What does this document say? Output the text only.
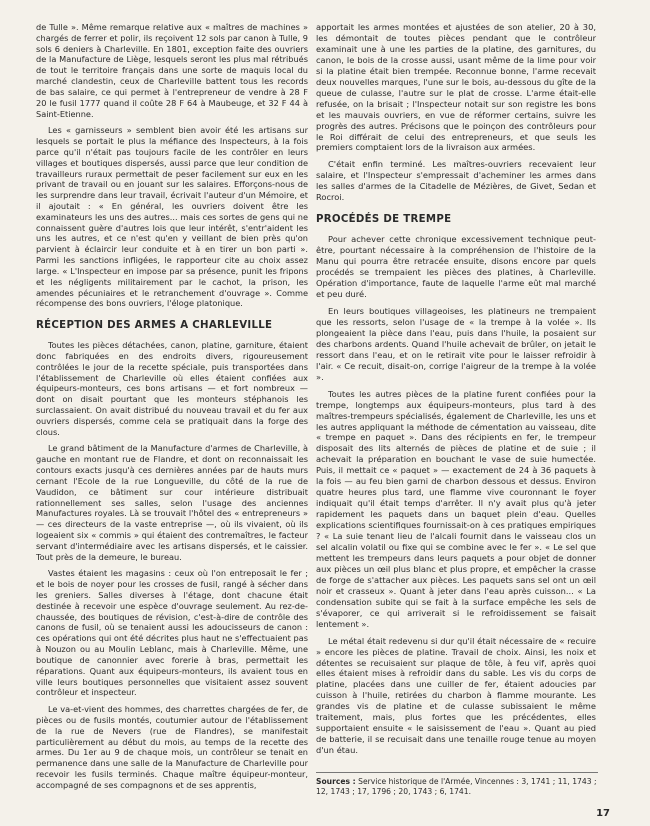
de Tulle ». Même remarque relative aux « maîtres de machines » chargés de ferrer et polir, ils reçoivent 12 sols par canon à Tulle, 9 sols 6 deniers à Charleville. En 1801, exception faite des ouvriers de la Manufacture de Liège, lesquels seront les plus mal rétribués de tout le territoire français dans une sorte de maquis local du marché clandestin, ceux de Charleville battent tous les records de bas salaire, ce qui permet à l'entrepreneur de vendre à 28 F 20 le fusil 1777 quand il coûte 28 F 64 à Maubeuge, et 32 F 44 à Saint-Etienne.

Les « garnisseurs » semblent bien avoir été les artisans sur lesquels se portait le plus la méfiance des Inspecteurs, à la fois parce qu'il n'était pas toujours facile de les contrôler en leurs villages et boutiques dispersés, aussi parce que leur condition de travailleurs ruraux permettait de peser facilement sur eux en les privant de travail ou en jouant sur les salaires. Efforçons-nous de les surprendre dans leur travail, écrivait l'auteur d'un Mémoire, et il ajoutait : « En général, les ouvriers doivent être les examinateurs les uns des autres... mais ces sortes de gens qui ne connaissent guère d'autres lois que leur intérêt, s'entr'aident les uns les autres, et ce n'est qu'en y veillant de bien près qu'on parvient à éclaircir leur conduite et à en tirer un bon parti ». Parmi les sanctions infligées, le rapporteur cite au choix assez large. « L'Inspecteur en impose par sa présence, punit les fripons et les négligents militairement par le cachot, la prison, les amendes pécuniaires et le retranchement d'ouvrage ». Comme récompense des bons ouvriers, l'éloge platonique.

RÉCEPTION DES ARMES A CHARLEVILLE

Toutes les pièces détachées, canon, platine, garniture, étaient donc fabriquées en des endroits divers, rigoureusement contrôlées le jour de la recette spéciale, puis transportées dans l'établissement de Charleville où elles étaient confiées aux équipeurs-monteurs, ces bons artisans — et fort nombreux — dont on disait pourtant que les monteurs stéphanois les surclassaient. On avait distribué du nouveau travail et du fer aux ouvriers dispersés, comme cela se pratiquait dans la forge des clous.

Le grand bâtiment de la Manufacture d'armes de Charleville, à gauche en montant rue de Flandre, et dont on reconnaissait les contours exacts jusqu'à ces dernières années par de hauts murs cernant l'Ecole de la rue Longueville, du côté de la rue de Vaudidon, ce bâtiment sur cour intérieure distribuait rationnellement ses salles, selon l'usage des anciennes Manufactures royales. Là se trouvait l'hôtel des « entrepreneurs » — ces directeurs de la vaste entreprise —, où ils vivaient, où ils logeaient six « commis » qui étaient des contremaîtres, le facteur servant d'intermédiaire avec les artisans dispersés, et le caissier. Tout près de la demeure, le bureau.

Vastes étaient les magasins : ceux où l'on entreposait le fer ; et le bois de noyer pour les crosses de fusil, rangé à sécher dans les greniers. Salles diverses à l'étage, dont chacune était destinée à recevoir une espèce d'ouvrage seulement. Au rez-de-chaussée, des boutiques de révision, c'est-à-dire de contrôle des canons de fusil, où se tenaient aussi les adoucisseurs de canon : ces opérations qui ont été décrites plus haut ne s'effectuaient pas à Nouzon ou au Moulin Leblanc, mais à Charleville. Même, une boutique de canonnier avec forerie à bras, permettait les réparations. Quant aux équipeurs-monteurs, ils avaient tous en ville leurs boutiques personnelles que visitaient assez souvent contrôleur et inspecteur.

Le va-et-vient des hommes, des charrettes chargées de fer, de pièces ou de fusils montés, coutumier autour de l'établissement de la rue de Nevers (rue de Flandres), se manifestait particulièrement au début du mois, au temps de la recette des armes. Du 1er au 9 de chaque mois, un contrôleur se tenait en permanence dans une salle de la Manufacture de Charleville pour recevoir les fusils terminés. Chaque maître équipeur-monteur, accompagné de ses compagnons et de ses apprentis,

apportait les armes montées et ajustées de son atelier, 20 à 30, les démontait de toutes pièces pendant que le contrôleur examinait une à une les parties de la platine, des garnitures, du canon, le bois de la crosse aussi, usant même de la lime pour voir si la platine était bien trempée. Reconnue bonne, l'arme recevait deux nouvelles marques, l'une sur le bois, au-dessous du gîte de la queue de culasse, l'autre sur le plat de crosse. L'arme était-elle refusée, on la brisait ; l'Inspecteur notait sur son registre les bons et les mauvais ouvriers, en vue de réformer certains, suivre les progrès des autres. Précisons que le poinçon des contrôleurs pour le Roi différait de celui des entrepreneurs, et que seuls les premiers comptaient lors de la livraison aux armées.

C'était enfin terminé. Les maîtres-ouvriers recevaient leur salaire, et l'Inspecteur s'empressait d'acheminer les armes dans les salles d'armes de la Citadelle de Mézières, de Givet, Sedan et Rocroi.

PROCÉDÉS DE TREMPE

Pour achever cette chronique excessivement technique peut-être, pourtant nécessaire à la compréhension de l'histoire de la Manu qui pourra être retracée ensuite, disons encore par quels procédés se trempaient les pièces des platines, à Charleville. Opération d'importance, faute de laquelle l'arme eût mal marché et peu duré.

En leurs boutiques villageoises, les platineurs ne trempaient que les ressorts, selon l'usage de « la trempe à la volée ». Ils plongeaient la pièce dans l'eau, puis dans l'huile, la posaient sur des charbons ardents. Quand l'huile achevait de brûler, on jetait le ressort dans l'eau, et on le retirait vite pour le laisser refroidir à l'air. « Ce recuit, disait-on, corrige l'aigreur de la trempe à la volée ».

Toutes les autres pièces de la platine furent confiées pour la trempe, longtemps aux équipeurs-monteurs, plus tard à des maîtres-trempeurs spécialisés, également de Charleville, les uns et les autres appliquant la méthode de cémentation au vaisseau, dite « trempe en paquet ». Dans des récipients en fer, le trempeur disposait des lits alternés de pièces de platine et de suie ; il achevait la préparation en bouchant le vase de suie humectée. Puis, il mettait ce « paquet » — exactement de 24 à 36 paquets à la fois — au feu bien garni de charbon dessous et dessus. Environ quatre heures plus tard, une flamme vive couronnant le foyer indiquait qu'il était temps d'arrêter. Il n'y avait plus qu'à jeter rapidement les paquets dans un baquet plein d'eau. Quelles explications scientifiques fournissait-on à ces pratiques empiriques ? « La suie tenant lieu de l'alcali fournit dans le vaisseau clos un sel alcalin volatil ou fixe qui se combine avec le fer ». « Le sel que mettent les trempeurs dans leurs paquets a pour objet de donner aux pièces un œil plus blanc et plus propre, et empêcher la crasse de forge de s'attacher aux pièces. Les paquets sans sel ont un œil noir et crasseux ». Quant à jeter dans l'eau après cuisson... « La condensation subite qui se fait à la surface empêche les sels de s'évaporer, ce qui arriverait si le refroidissement se faisait lentement ».

Le métal était redevenu si dur qu'il était nécessaire de « recuire » encore les pièces de platine. Travail de choix. Ainsi, les noix et détentes se recuisaient sur plaque de tôle, à feu vif, après quoi elles étaient mises à refroidir dans du sable. Les vis du corps de platine, placées dans une cuiller de fer, étaient adoucies par cuisson à l'huile, retirées du charbon à flamme mourante. Les grandes vis de platine et de culasse subissaient le même traitement, mais, plus fortes que les précédentes, elles supportaient ensuite « le saisissement de l'eau ». Quant au pied de batterie, il se recuisait dans une tenaille rouge tenue au moyen d'un étau.

Sources : Service historique de l'Armée, Vincennes : 3, 1741 ; 11, 1743 ; 12, 1743 ; 17, 1796 ; 20, 1743 ; 6, 1741.
17
